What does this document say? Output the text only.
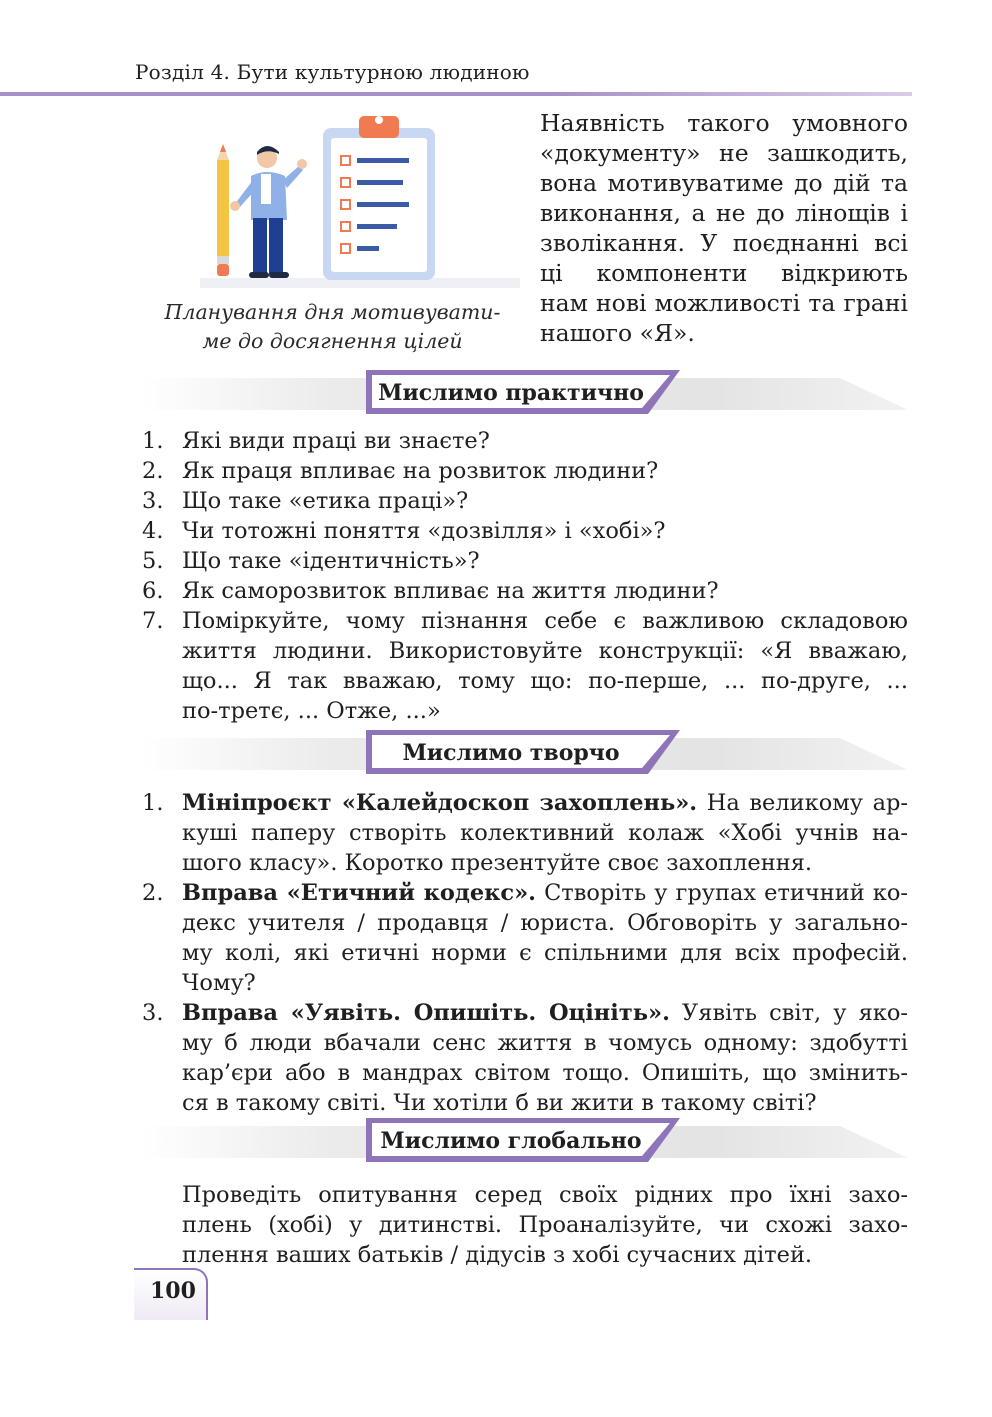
Розділ 4. Бути культурною людиною
Планування дня мотивувати-
ме до досягнення цілей
Наявність такого умовного
«документу» не зашкодить,
вона мотивуватиме до дій та
виконання, а не до лінощів і
зволікання. У поєднанні всі
ці компоненти відкриють
нам нові можливості та грані
нашого «Я».
Мислимо практично
1. Які види праці ви знаєте?
2. Як праця впливає на розвиток людини?
3. Що таке «етика праці»?
4. Чи тотожні поняття «дозвілля» і «хобі»?
5. Що таке «ідентичність»?
6. Як саморозвиток впливає на життя людини?
7. Поміркуйте, чому пізнання себе є важливою складовою
життя людини. Використовуйте конструкції: «Я вважаю,
що... Я так вважаю, тому що: по-перше, ... по-друге, ...
по-третє, ... Отже, ...»
Мислимо творчо
1. Мініпроєкт «Калейдоскоп захоплень». На великому ар-
куші паперу створіть колективний колаж «Хобі учнів на-
шого класу». Коротко презентуйте своє захоплення.
2. Вправа «Етичний кодекс». Створіть у групах етичний ко-
декс учителя / продавця / юриста. Обговоріть у загально-
му колі, які етичні норми є спільними для всіх професій.
Чому?
3. Вправа «Уявіть. Опишіть. Оцініть». Уявіть світ, у яко-
му б люди вбачали сенс життя в чомусь одному: здобутті
кар’єри або в мандрах світом тощо. Опишіть, що змінить-
ся в такому світі. Чи хотіли б ви жити в такому світі?
Мислимо глобально
Проведіть опитування серед своїх рідних про їхні захо-
плень (хобі) у дитинстві. Проаналізуйте, чи схожі захо-
плення ваших батьків / дідусів з хобі сучасних дітей.
100
